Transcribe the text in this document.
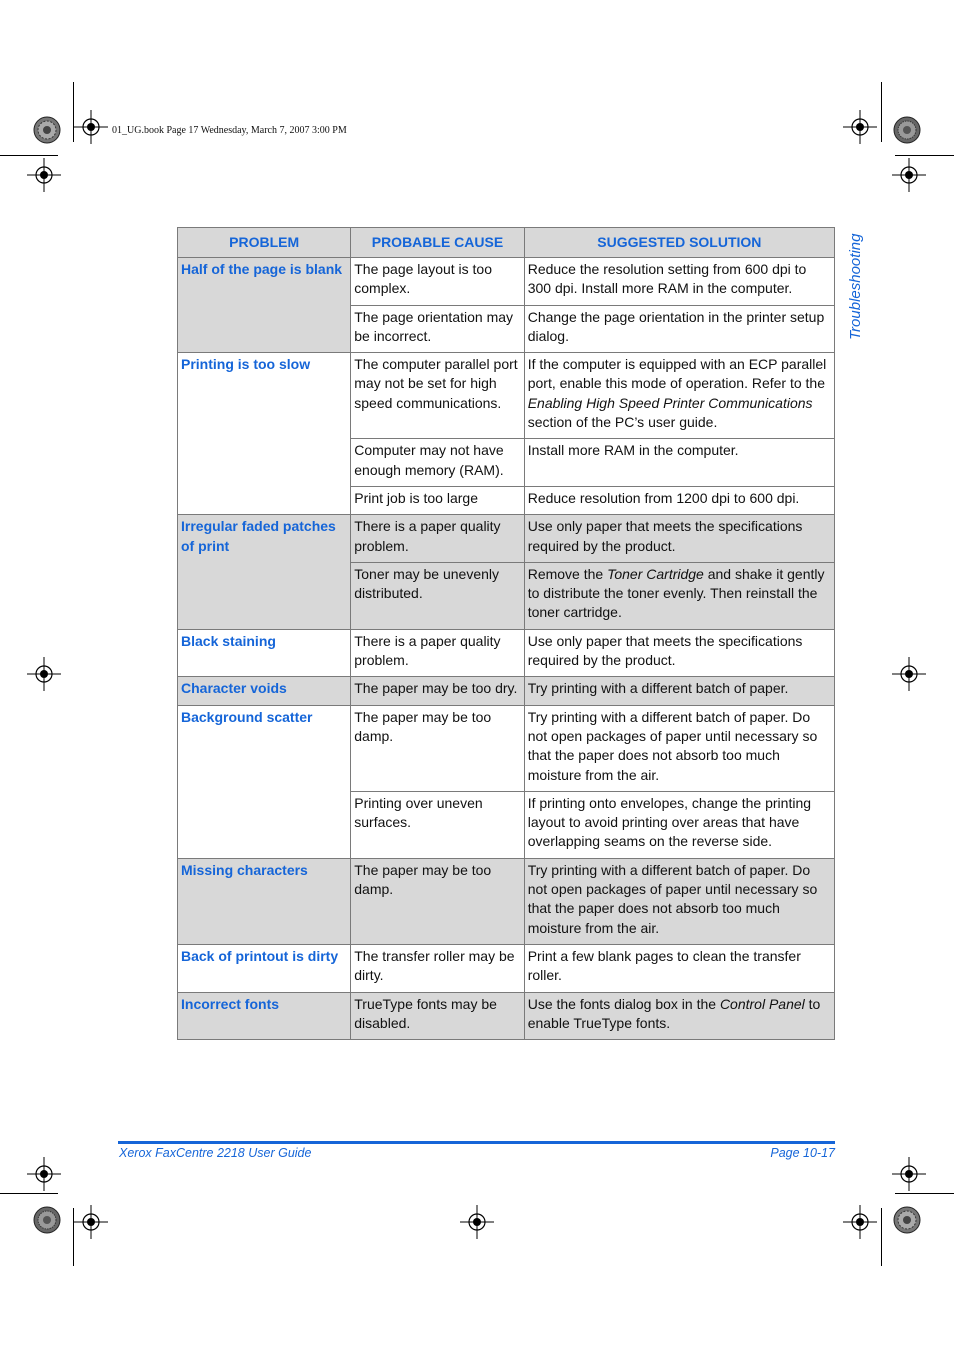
01_UG.book Page 17 Wednesday, March 7, 2007 3:00 PM
Troubleshooting
PROBLEM	PROBABLE CAUSE	SUGGESTED SOLUTION
Half of the page is blank	The page layout is too complex.	Reduce the resolution setting from 600 dpi to 300 dpi. Install more RAM in the computer.
	The page orientation may be incorrect.	Change the page orientation in the printer setup dialog.
Printing is too slow	The computer parallel port may not be set for high speed communications.	If the computer is equipped with an ECP parallel port, enable this mode of operation. Refer to the Enabling High Speed Printer Communications section of the PC’s user guide.
	Computer may not have enough memory (RAM).	Install more RAM in the computer.
	Print job is too large	Reduce resolution from 1200 dpi to 600 dpi.
Irregular faded patches of print	There is a paper quality problem.	Use only paper that meets the specifications required by the product.
	Toner may be unevenly distributed.	Remove the Toner Cartridge and shake it gently to distribute the toner evenly. Then reinstall the toner cartridge.
Black staining	There is a paper quality problem.	Use only paper that meets the specifications required by the product.
Character voids	The paper may be too dry.	Try printing with a different batch of paper.
Background scatter	The paper may be too damp.	Try printing with a different batch of paper. Do not open packages of paper until necessary so that the paper does not absorb too much moisture from the air.
	Printing over uneven surfaces.	If printing onto envelopes, change the printing layout to avoid printing over areas that have overlapping seams on the reverse side.
Missing characters	The paper may be too damp.	Try printing with a different batch of paper. Do not open packages of paper until necessary so that the paper does not absorb too much moisture from the air.
Back of printout is dirty	The transfer roller may be dirty.	Print a few blank pages to clean the transfer roller.
Incorrect fonts	TrueType fonts may be disabled.	Use the fonts dialog box in the Control Panel to enable TrueType fonts.
Xerox FaxCentre 2218 User Guide	Page 10-17
